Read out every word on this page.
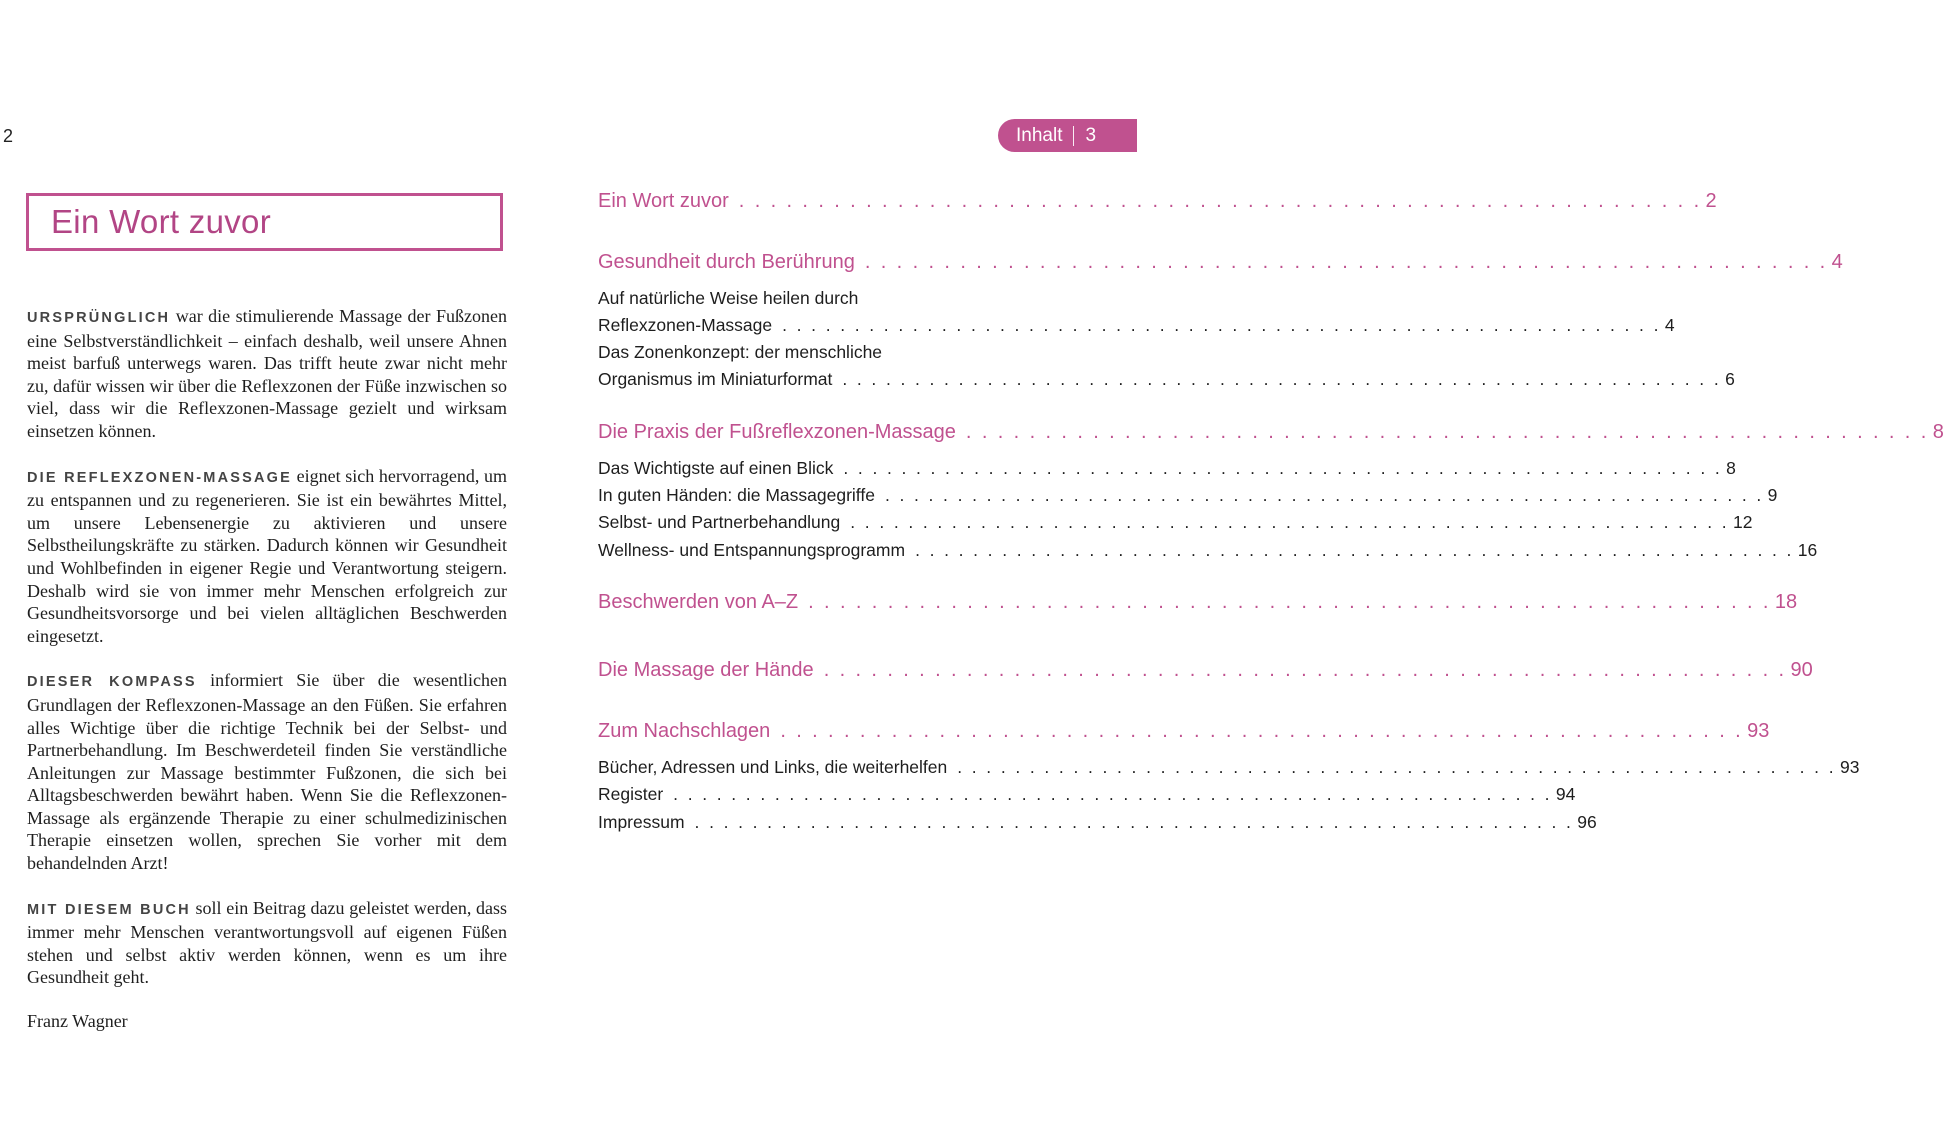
2	Inhalt 3
Ein Wort zuvor

URSPRÜNGLICH war die stimulierende Massage der Fußzonen eine Selbstverständlichkeit – einfach deshalb, weil unsere Ahnen meist barfuß unterwegs waren. Das trifft heute zwar nicht mehr zu, dafür wissen wir über die Reflexzonen der Füße inzwischen so viel, dass wir die Reflexzonen-Massage gezielt und wirksam einsetzen können.

DIE REFLEXZONEN-MASSAGE eignet sich hervorragend, um zu entspannen und zu regenerieren. Sie ist ein bewährtes Mittel, um unsere Lebensenergie zu aktivieren und unsere Selbstheilungskräfte zu stärken. Dadurch können wir Gesundheit und Wohlbefinden in eigener Regie und Verantwortung steigern. Deshalb wird sie von immer mehr Menschen erfolgreich zur Gesundheitsvorsorge und bei vielen alltäglichen Beschwerden eingesetzt.

DIESER KOMPASS informiert Sie über die wesentlichen Grundlagen der Reflexzonen-Massage an den Füßen. Sie erfahren alles Wichtige über die richtige Technik bei der Selbst- und Partnerbehandlung. Im Beschwerdeteil finden Sie verständliche Anleitungen zur Massage bestimmter Fußzonen, die sich bei Alltagsbeschwerden bewährt haben. Wenn Sie die Reflexzonen-Massage als ergänzende Therapie zu einer schulmedizinischen Therapie einsetzen wollen, sprechen Sie vorher mit dem behandelnden Arzt!

MIT DIESEM BUCH soll ein Beitrag dazu geleistet werden, dass immer mehr Menschen verantwortungsvoll auf eigenen Füßen stehen und selbst aktiv werden können, wenn es um ihre Gesundheit geht.

Franz Wagner
Ein Wort zuvor . . . . . . . . . . . . . . . . . . . . . . . . . . . . . . . . . . . . . . . . . . . . . . . . . . . . . . . . . . . . . 2
Gesundheit durch Berührung . . . . . . . . . . . . . . . . . . . . . . . . . . . . . . . . . . . . . . . . . . . . . . . . . . . . . . . . . . . . . 4
Auf natürliche Weise heilen durch
Reflexzonen-Massage . . . . . . . . . . . . . . . . . . . . . . . . . . . . . . . . . . . . . . . . . . . . . . . . . . . . . . . . . . . . . 4
Das Zonenkonzept: der menschliche
Organismus im Miniaturformat . . . . . . . . . . . . . . . . . . . . . . . . . . . . . . . . . . . . . . . . . . . . . . . . . . . . . . . . . . . . . 6
Die Praxis der Fußreflexzonen-Massage . . . . . . . . . . . . . . . . . . . . . . . . . . . . . . . . . . . . . . . . . . . . . . . . . . . . . . . . . . . . . 8
Das Wichtigste auf einen Blick . . . . . . . . . . . . . . . . . . . . . . . . . . . . . . . . . . . . . . . . . . . . . . . . . . . . . . . . . . . . . 8
In guten Händen: die Massagegriffe . . . . . . . . . . . . . . . . . . . . . . . . . . . . . . . . . . . . . . . . . . . . . . . . . . . . . . . . . . . . . 9
Selbst- und Partnerbehandlung . . . . . . . . . . . . . . . . . . . . . . . . . . . . . . . . . . . . . . . . . . . . . . . . . . . . . . . . . . . . . 12
Wellness- und Entspannungsprogramm . . . . . . . . . . . . . . . . . . . . . . . . . . . . . . . . . . . . . . . . . . . . . . . . . . . . . . . . . . . . . 16
Beschwerden von A–Z . . . . . . . . . . . . . . . . . . . . . . . . . . . . . . . . . . . . . . . . . . . . . . . . . . . . . . . . . . . . . 18
Die Massage der Hände . . . . . . . . . . . . . . . . . . . . . . . . . . . . . . . . . . . . . . . . . . . . . . . . . . . . . . . . . . . . . 90
Zum Nachschlagen . . . . . . . . . . . . . . . . . . . . . . . . . . . . . . . . . . . . . . . . . . . . . . . . . . . . . . . . . . . . . 93
Bücher, Adressen und Links, die weiterhelfen . . . . . . . . . . . . . . . . . . . . . . . . . . . . . . . . . . . . . . . . . . . . . . . . . . . . . . . . . . . . . 93
Register . . . . . . . . . . . . . . . . . . . . . . . . . . . . . . . . . . . . . . . . . . . . . . . . . . . . . . . . . . . . . 94
Impressum . . . . . . . . . . . . . . . . . . . . . . . . . . . . . . . . . . . . . . . . . . . . . . . . . . . . . . . . . . . . . 96
